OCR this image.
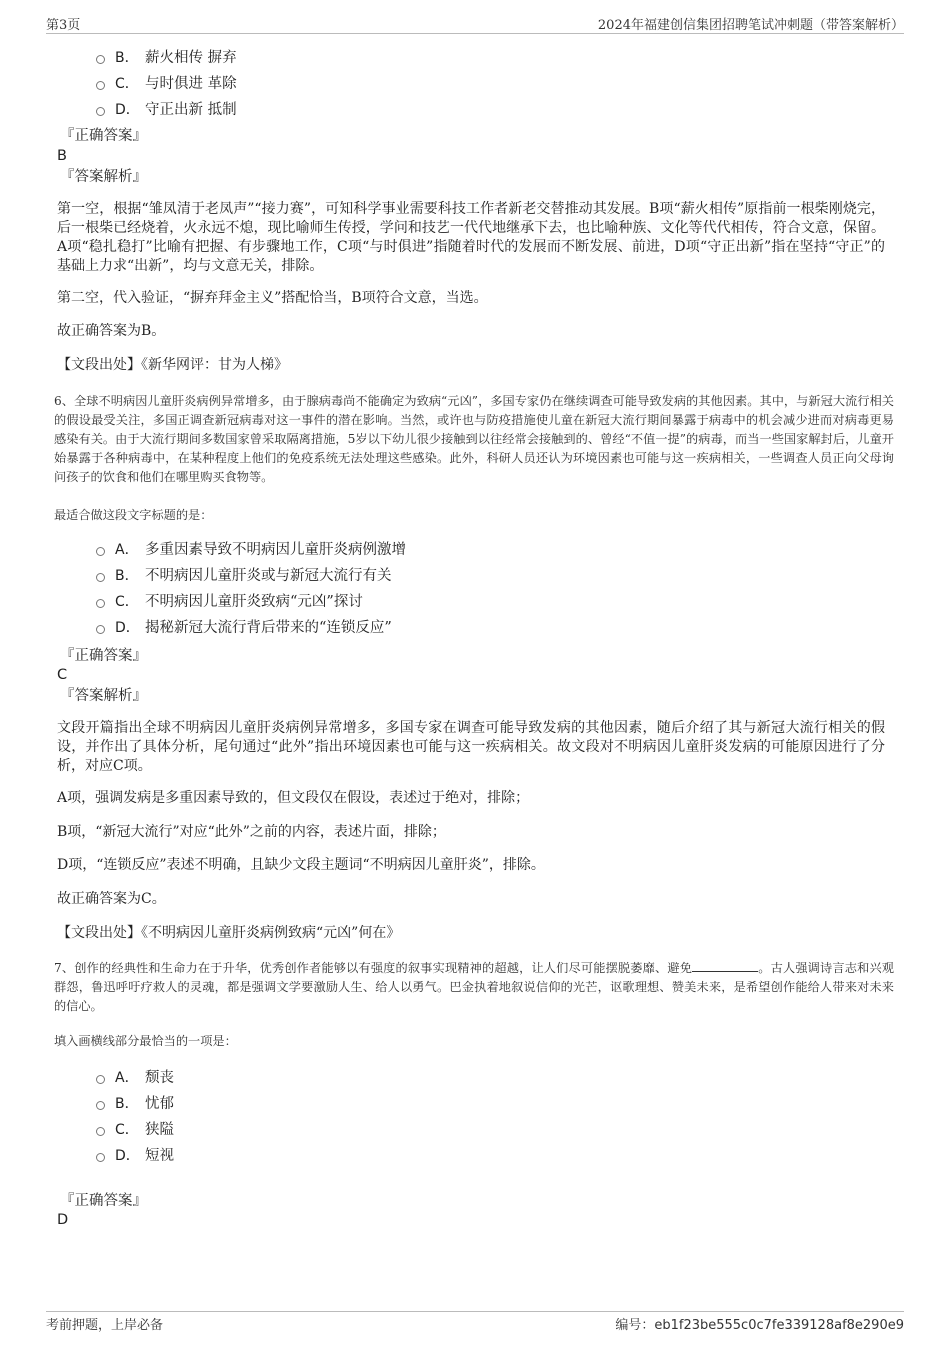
第3页	2024年福建创信集团招聘笔试冲刺题（带答案解析）
B． 薪火相传 摒弃
C． 与时俱进 革除
D． 守正出新 抵制
『正确答案』
B
『答案解析』
第一空，根据“雏凤清于老凤声”“接力赛”，可知科学事业需要科技工作者新老交替推动其发展。B项“薪火相传”原指前一根柴刚烧完，后一根柴已经烧着，火永远不熄，现比喻师生传授，学问和技艺一代代地继承下去，也比喻种族、文化等代代相传，符合文意，保留。A项“稳扎稳打”比喻有把握、有步骤地工作，C项“与时俱进”指随着时代的发展而不断发展、前进，D项“守正出新”指在坚持“守正”的基础上力求“出新”，均与文意无关，排除。
第二空，代入验证，“摒弃拜金主义”搭配恰当，B项符合文意，当选。
故正确答案为B。
【文段出处】《新华网评：甘为人梯》
6、全球不明病因儿童肝炎病例异常增多，由于腺病毒尚不能确定为致病“元凶”，多国专家仍在继续调查可能导致发病的其他因素。其中，与新冠大流行相关的假设最受关注，多国正调查新冠病毒对这一事件的潜在影响。当然，或许也与防疫措施使儿童在新冠大流行期间暴露于病毒中的机会减少进而对病毒更易感染有关。由于大流行期间多数国家曾采取隔离措施，5岁以下幼儿很少接触到以往经常会接触到的、曾经“不值一提”的病毒，而当一些国家解封后，儿童开始暴露于各种病毒中，在某种程度上他们的免疫系统无法处理这些感染。此外，科研人员还认为环境因素也可能与这一疾病相关，一些调查人员正向父母询问孩子的饮食和他们在哪里购买食物等。
最适合做这段文字标题的是：
A． 多重因素导致不明病因儿童肝炎病例激增
B． 不明病因儿童肝炎或与新冠大流行有关
C． 不明病因儿童肝炎致病“元凶”探讨
D． 揭秘新冠大流行背后带来的“连锁反应”
『正确答案』
C
『答案解析』
文段开篇指出全球不明病因儿童肝炎病例异常增多，多国专家在调查可能导致发病的其他因素，随后介绍了其与新冠大流行相关的假设，并作出了具体分析，尾句通过“此外”指出环境因素也可能与这一疾病相关。故文段对不明病因儿童肝炎发病的可能原因进行了分析，对应C项。
A项，强调发病是多重因素导致的，但文段仅在假设，表述过于绝对，排除；
B项，“新冠大流行”对应“此外”之前的内容，表述片面，排除；
D项，“连锁反应”表述不明确，且缺少文段主题词“不明病因儿童肝炎”，排除。
故正确答案为C。
【文段出处】《不明病因儿童肝炎病例致病“元凶”何在》
7、创作的经典性和生命力在于升华，优秀创作者能够以有强度的叙事实现精神的超越，让人们尽可能摆脱萎靡、避免	。古人强调诗言志和兴观群怨，鲁迅呼吁疗救人的灵魂，都是强调文学要激励人生、给人以勇气。巴金执着地叙说信仰的光芒，讴歌理想、赞美未来，是希望创作能给人带来对未来的信心。
填入画横线部分最恰当的一项是：
A． 颓丧
B． 忧郁
C． 狭隘
D． 短视
『正确答案』
D
考前押题，上岸必备	编号：eb1f23be555c0c7fe339128af8e290e9
